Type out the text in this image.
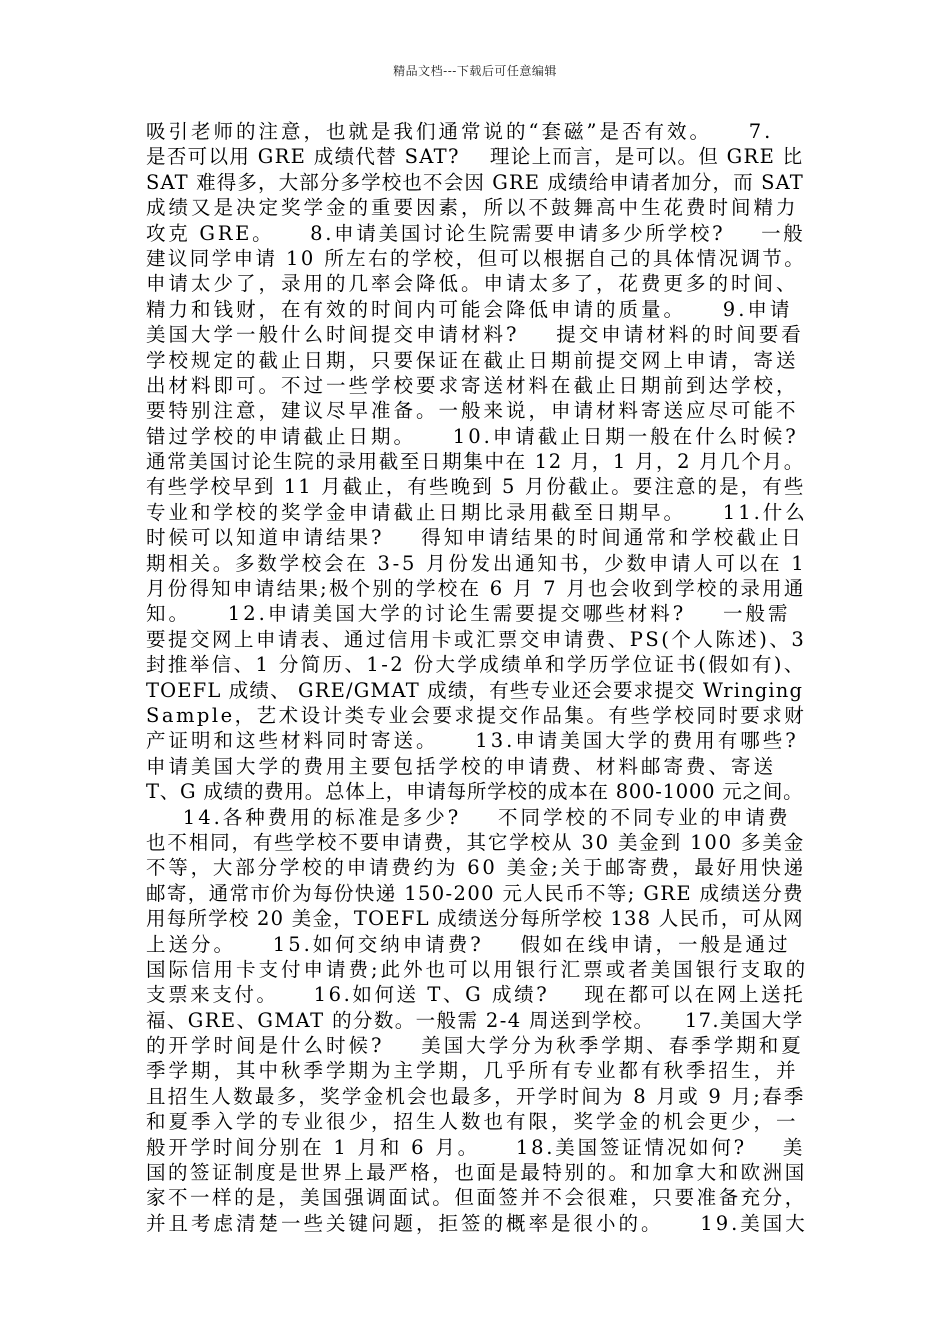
精品文档---下载后可任意编辑
吸引老师的注意，也就是我们通常说的“套磁”是否有效。    7.
是否可以用 GRE 成绩代替 SAT?    理论上而言，是可以。但 GRE 比
SAT 难得多，大部分多学校也不会因 GRE 成绩给申请者加分，而 SAT
成绩又是决定奖学金的重要因素，所以不鼓舞高中生花费时间精力
攻克 GRE。    8.申请美国讨论生院需要申请多少所学校?    一般
建议同学申请 10 所左右的学校，但可以根据自己的具体情况调节。
申请太少了，录用的几率会降低。申请太多了，花费更多的时间、
精力和钱财，在有效的时间内可能会降低申请的质量。    9.申请
美国大学一般什么时间提交申请材料?    提交申请材料的时间要看
学校规定的截止日期，只要保证在截止日期前提交网上申请，寄送
出材料即可。不过一些学校要求寄送材料在截止日期前到达学校，
要特别注意，建议尽早准备。一般来说，申请材料寄送应尽可能不
错过学校的申请截止日期。    10.申请截止日期一般在什么时候?
通常美国讨论生院的录用截至日期集中在 12 月，1 月，2 月几个月。
有些学校早到 11 月截止，有些晚到 5 月份截止。要注意的是，有些
专业和学校的奖学金申请截止日期比录用截至日期早。    11.什么
时候可以知道申请结果?    得知申请结果的时间通常和学校截止日
期相关。多数学校会在 3-5 月份发出通知书，少数申请人可以在 1
月份得知申请结果;极个别的学校在 6 月 7 月也会收到学校的录用通
知。    12.申请美国大学的讨论生需要提交哪些材料?    一般需
要提交网上申请表、通过信用卡或汇票交申请费、PS(个人陈述)、3
封推举信、1 分简历、1-2 份大学成绩单和学历学位证书(假如有)、
TOEFL 成绩、 GRE/GMAT 成绩，有些专业还会要求提交 Wringing
Sample，艺术设计类专业会要求提交作品集。有些学校同时要求财
产证明和这些材料同时寄送。    13.申请美国大学的费用有哪些?
申请美国大学的费用主要包括学校的申请费、材料邮寄费、寄送
T、G 成绩的费用。总体上，申请每所学校的成本在 800-1000 元之间。
14.各种费用的标准是多少?    不同学校的不同专业的申请费
也不相同，有些学校不要申请费，其它学校从 30 美金到 100 多美金
不等，大部分学校的申请费约为 60 美金;关于邮寄费，最好用快递
邮寄，通常市价为每份快递 150-200 元人民币不等; GRE 成绩送分费
用每所学校 20 美金，TOEFL 成绩送分每所学校 138 人民币，可从网
上送分。    15.如何交纳申请费?    假如在线申请，一般是通过
国际信用卡支付申请费;此外也可以用银行汇票或者美国银行支取的
支票来支付。    16.如何送 T、G 成绩?    现在都可以在网上送托
福、GRE、GMAT 的分数。一般需 2-4 周送到学校。    17.美国大学
的开学时间是什么时候?    美国大学分为秋季学期、春季学期和夏
季学期，其中秋季学期为主学期，几乎所有专业都有秋季招生，并
且招生人数最多，奖学金机会也最多，开学时间为 8 月或 9 月;春季
和夏季入学的专业很少，招生人数也有限，奖学金的机会更少，一
般开学时间分别在 1 月和 6 月。    18.美国签证情况如何?    美
国的签证制度是世界上最严格，也面是最特别的。和加拿大和欧洲国
家不一样的是，美国强调面试。但面签并不会很难，只要准备充分，
并且考虑清楚一些关键问题，拒签的概率是很小的。    19.美国大
